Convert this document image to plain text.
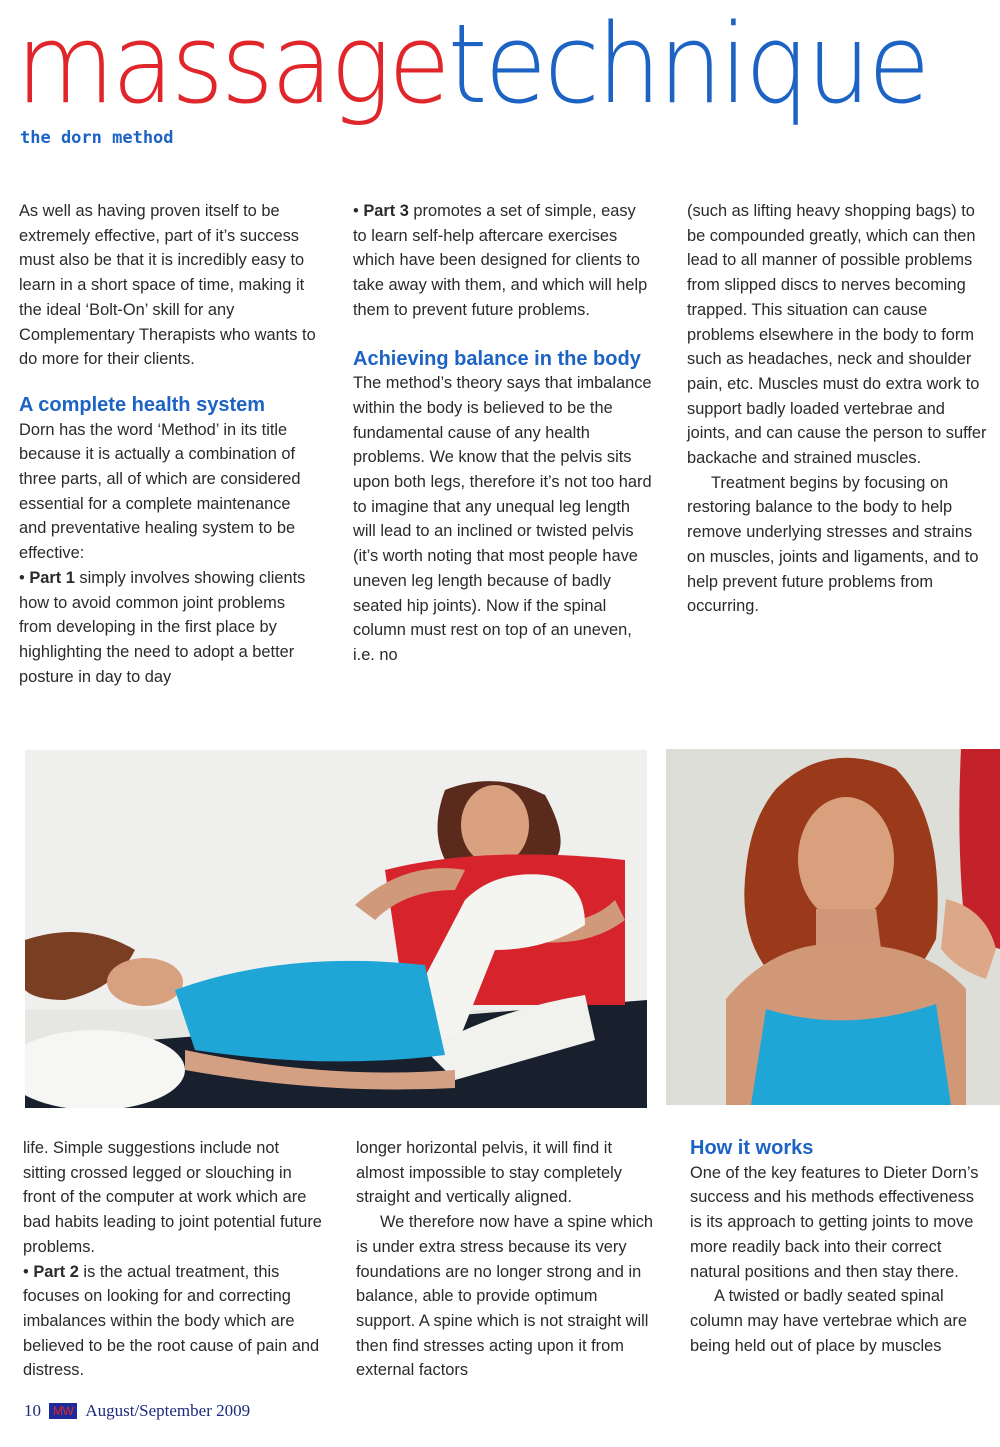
massagetechnique
the dorn method

As well as having proven itself to be extremely effective, part of it’s success must also be that it is incredibly easy to learn in a short space of time, making it the ideal ‘Bolt-On’ skill for any Complementary Therapists who wants to do more for their clients.

A complete health system

Dorn has the word ‘Method’ in its title because it is actually a combination of three parts, all of which are considered essential for a complete maintenance and preventative healing system to be effective:

• Part 1 simply involves showing clients how to avoid common joint problems from developing in the first place by highlighting the need to adopt a better posture in day to day

• Part 3 promotes a set of simple, easy to learn self-help aftercare exercises which have been designed for clients to take away with them, and which will help them to prevent future problems.

Achieving balance in the body

The method’s theory says that imbalance within the body is believed to be the fundamental cause of any health problems. We know that the pelvis sits upon both legs, therefore it’s not too hard to imagine that any unequal leg length will lead to an inclined or twisted pelvis (it’s worth noting that most people have uneven leg length because of badly seated hip joints). Now if the spinal column must rest on top of an uneven, i.e. no

(such as lifting heavy shopping bags) to be compounded greatly, which can then lead to all manner of possible problems from slipped discs to nerves becoming trapped. This situation can cause problems elsewhere in the body to form such as headaches, neck and shoulder pain, etc. Muscles must do extra work to support badly loaded vertebrae and joints, and can cause the person to suffer backache and strained muscles.

Treatment begins by focusing on restoring balance to the body to help remove underlying stresses and strains on muscles, joints and ligaments, and to help prevent future problems from occurring.

life. Simple suggestions include not sitting crossed legged or slouching in front of the computer at work which are bad habits leading to joint potential future problems.

• Part 2 is the actual treatment, this focuses on looking for and correcting imbalances within the body which are believed to be the root cause of pain and distress.

longer horizontal pelvis, it will find it almost impossible to stay completely straight and vertically aligned.

We therefore now have a spine which is under extra stress because its very foundations are no longer strong and in balance, able to provide optimum support. A spine which is not straight will then find stresses acting upon it from external factors

How it works

One of the key features to Dieter Dorn’s success and his methods effectiveness is its approach to getting joints to move more readily back into their correct natural positions and then stay there.

A twisted or badly seated spinal column may have vertebrae which are being held out of place by muscles

10	MW August/September 2009
